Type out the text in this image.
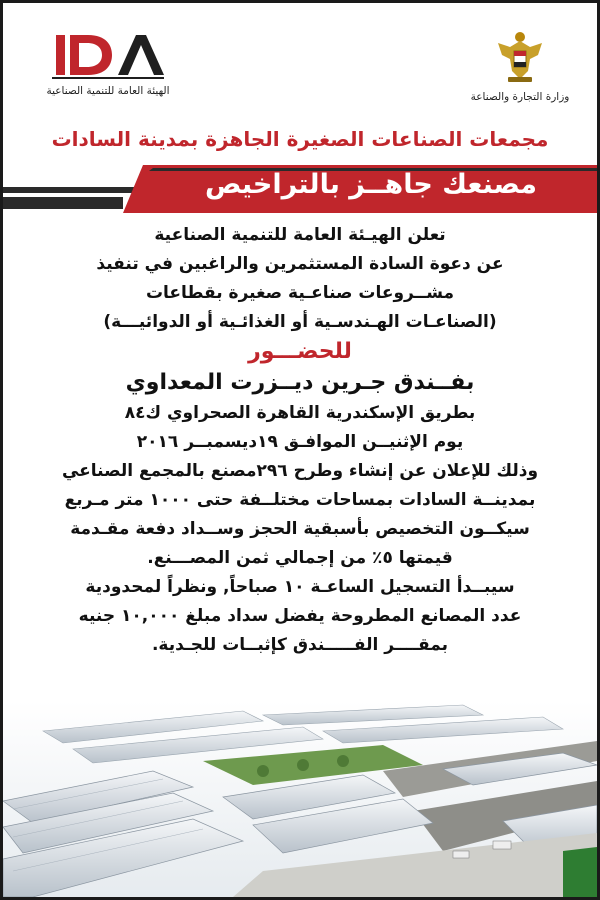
الهيئة العامة للتنمية الصناعية	وزارة التجارة والصناعة
مجمعات الصناعات الصغيرة الجاهزة بمدينة السادات
مصنعك جاهــز بالتراخيص
تعلن الهيـئة العامة للتنمية الصناعية
عن دعوة السادة المستثمرين والراغبين في تنفيذ
مشــروعات صناعـية صغيرة بقطاعات
(الصناعـات الهـندسـية أو الغذائـية أو الدوائيـــة)
للحضـــور
بفــندق جـرين ديــزرت المعداوي
بطريق الإسكندرية القاهرة الصحراوي ك٨٤
يوم الإثنيــن الموافـق ١٩ديسمبــر ٢٠١٦
وذلك للإعلان عن إنشاء وطرح ٢٩٦مصنع بالمجمع الصناعي
بمدينــة السادات بمساحات مختلــفة حتى ١٠٠٠ متر مـربع
سيكــون التخصيص بأسبقية الحجز وســداد دفعة مقـدمة
قيمتها ٥٪ من إجمالي ثمن المصـــنع.
سيبــدأ التسجيل الساعـة ١٠ صباحاً, ونظراً لمحدودية
عدد المصانع المطروحة يفضل سداد مبلغ ١٠,٠٠٠ جنيه
بمقــــر الفـــــندق كإثبــات للجـدية.
